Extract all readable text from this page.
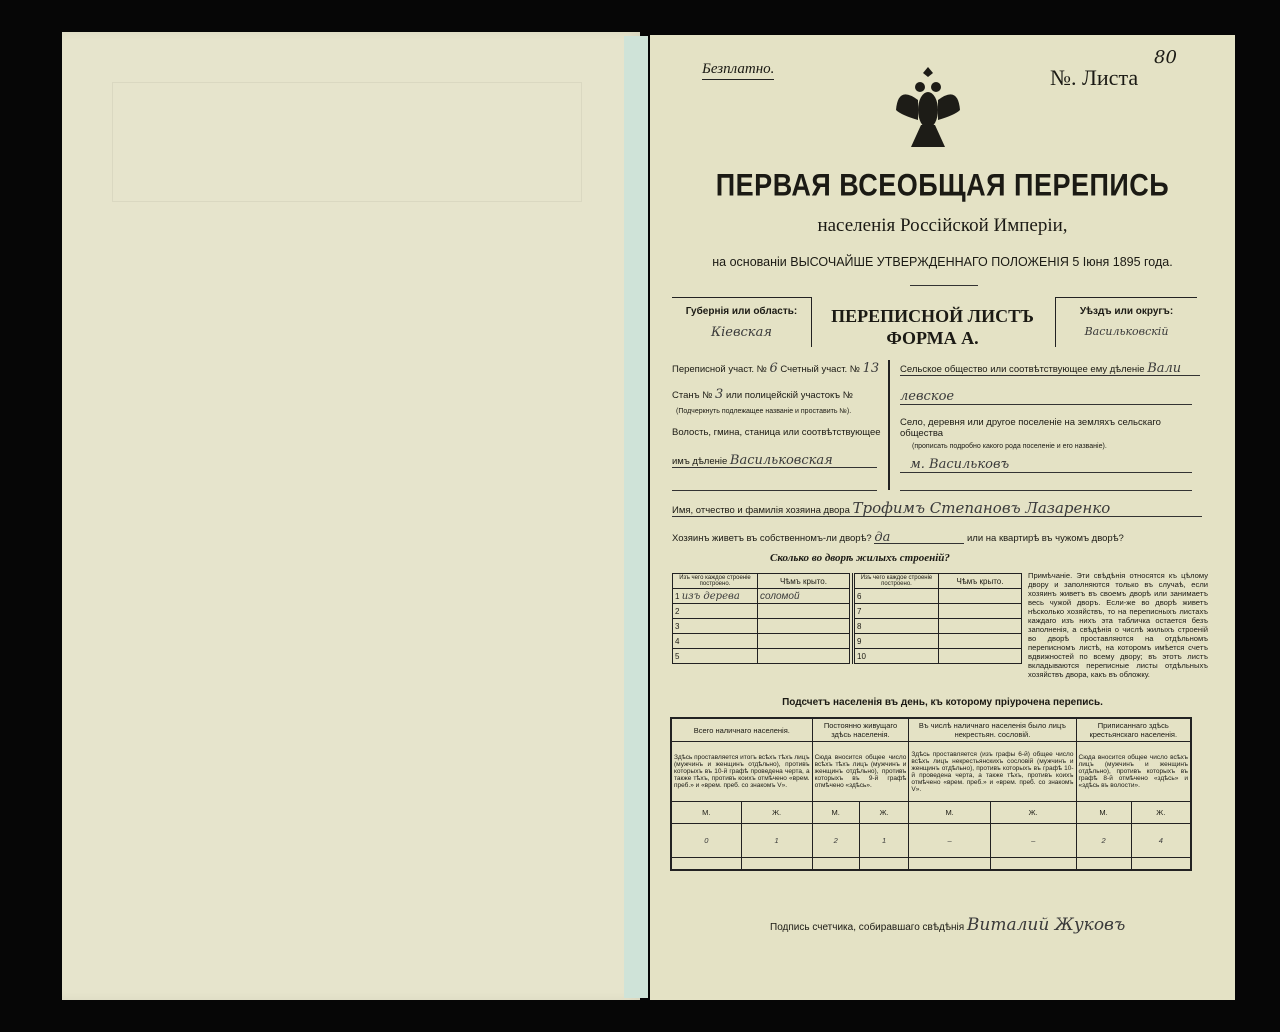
Безплатно.	№. Листа
80
ПЕРВАЯ ВСЕОБЩАЯ ПЕРЕПИСЬ
населенія Россійской Имперіи,
на основаніи ВЫСОЧАЙШЕ УТВЕРЖДЕННАГО ПОЛОЖЕНІЯ 5 Іюня 1895 года.
Губернія или область:
Кіевская
ПЕРЕПИСНОЙ ЛИСТЪ
ФОРМА А.
Уѣздъ или округъ:
Васильковскій
Переписной участ. № 6 Счетный участ. № 13
Станъ № 3 или полицейскій участокъ №
(Подчеркнуть подлежащее названіе и проставить №).
Волость, гмина, станица или соотвѣтствующее
имъ дѣленіе Васильковская
Сельское общество или соотвѣтствующее ему дѣленіе Вали
левское
Село, деревня или другое поселеніе на земляхъ сельскаго общества
(прописать подробно какого рода поселеніе и его названіе).
м. Васильковъ
Имя, отчество и фамилія хозяина двора Трофимъ Степановъ Лазаренко
Хозяинъ живетъ въ собственномъ-ли дворѣ? да	или на квартирѣ въ чужомъ дворѣ?
Сколько во дворѣ жилыхъ строеній?
Изъ чего каждое строеніе построено.	Чѣмъ крыто.
1 изъ дерева	соломой
2	
3	
4	
5	
Изъ чего каждое строеніе построено.	Чѣмъ крыто.
6	
7	
8	
9	
10	
Примѣчаніе. Эти свѣдѣнія относятся къ цѣлому двору и заполняются только въ случаѣ, если хозяинъ живетъ въ своемъ дворѣ или занимаетъ весь чужой дворъ. Если-же во дворѣ живетъ нѣсколько хозяйствъ, то на переписныхъ листахъ каждаго изъ нихъ эта табличка остается безъ заполненія, а свѣдѣнія о числѣ жилыхъ строеній во дворѣ проставляются на отдѣльномъ переписномъ листѣ, на которомъ имѣется счетъ вдвижностей по всему двору; въ этотъ листъ вкладываются переписные листы отдѣльныхъ хозяйствъ двора, какъ въ обложку.
Подсчетъ населенія въ день, къ которому пріурочена перепись.
Всего наличнаго населенія.		Постоянно живущаго здѣсь населенія.		Въ числѣ наличнаго населенія было лицъ некрестьян. сословій.		Приписаннаго здѣсь крестьянскаго населенія.	
Здѣсь проставляется итогъ всѣхъ тѣхъ лицъ (мужчинъ и женщинъ отдѣльно), противъ которыхъ въ 10-й графѣ проведена черта, а также тѣхъ, противъ коихъ отмѣчено «врем. преб.» и «врем. преб. со знакомъ V».		Сюда вносится общее число всѣхъ тѣхъ лицъ (мужчинъ и женщинъ отдѣльно), противъ которыхъ въ 9-й графѣ отмѣчено «здѣсь».		Здѣсь проставляется (изъ графы 6-й) общее число всѣхъ лицъ некрестьянскихъ сословій (мужчинъ и женщинъ отдѣльно), противъ которыхъ въ графѣ 10-й проведена черта, а также тѣхъ, противъ коихъ отмѣчено «врем. преб.» и «врем. преб. со знакомъ V».		Сюда вносится общее число всѣхъ лицъ (мужчинъ и женщинъ отдѣльно), противъ которыхъ въ графѣ 8-й отмѣчено «здѣсь» и «здѣсь въ волости».	
М.	Ж.	М.	Ж.	М.	Ж.	М.	Ж.
0	1	2	1	–	–	2	4

Подпись счетчика, собиравшаго свѣдѣнія Виталий Жуковъ
